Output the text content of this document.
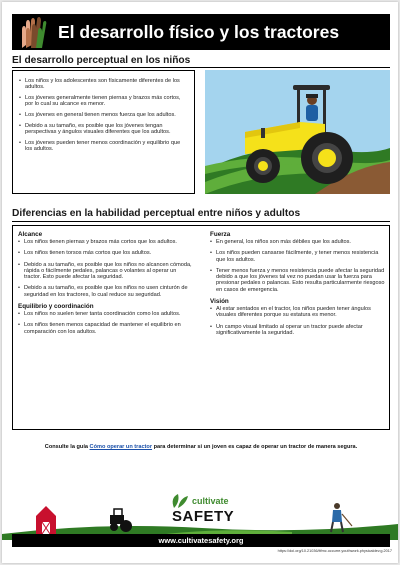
El desarrollo físico y los tractores
El desarrollo perceptual en los niños
• Los niños y los adolescentes son físicamente diferentes de los adultos.
• Los jóvenes generalmente tienen piernas y brazos más cortos, por lo cual su alcance es menor.
• Los jóvenes en general tienen menos fuerza que los adultos.
• Debido a su tamaño, es posible que los jóvenes tengan perspectivas y ángulos visuales diferentes que los adultos.
• Los jóvenes pueden tener menos coordinación y equilibrio que los adultos.
Diferencias en la habilidad perceptual entre niños y adultos
Alcance
• Los niños tienen piernas y brazos más cortos que los adultos.
• Los niños tienen torsos más cortos que los adultos.
• Debido a su tamaño, es posible que los niños no alcancen cómoda, rápida o fácilmente pedales, palancas o volantes al operar un tractor. Esto puede afectar la seguridad.
• Debido a su tamaño, es posible que los niños no usen cinturón de seguridad en los tractores, lo cual reduce su seguridad.
Equilibrio y coordinación
• Los niños no suelen tener tanta coordinación como los adultos.
• Los niños tienen menos capacidad de mantener el equilibrio en comparación con los adultos.
Fuerza
• En general, los niños son más débiles que los adultos.
• Los niños pueden cansarse fácilmente, y tener menos resistencia que los adultos.
• Tener menos fuerza y menos resistencia puede afectar la seguridad debido a que los jóvenes tal vez no puedan usar la fuerza para presionar pedales o palancas. Esto resulta particularmente riesgoso en casos de emergencia.
Visión
• Al estar sentados en el tractor, los niños pueden tener ángulos visuales diferentes porque su estatura es menor.
• Un campo visual limitado al operar un tractor puede afectar significativamente la seguridad.
Consulte la guía Cómo operar un tractor para determinar si un joven es capaz de operar un tractor de manera segura.
cultivate
SAFETY
www.cultivatesafety.org
https://doi.org/10.21036/ltfmc.occurre.youthwork.physicaldev.g.2017
